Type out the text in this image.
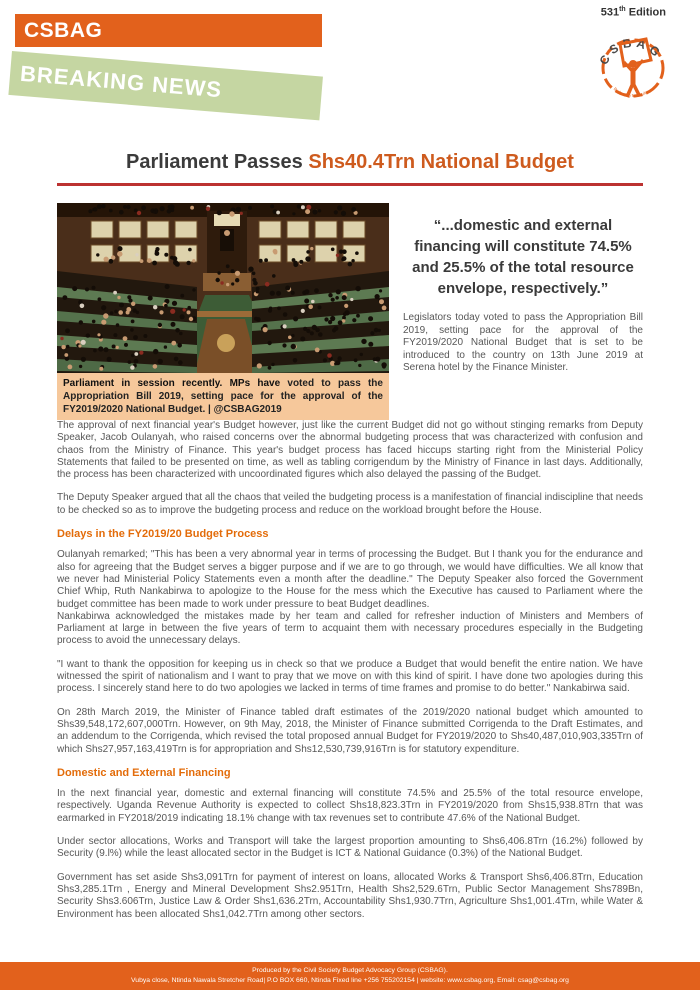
CSBAG
BREAKING NEWS
531th Edition
CSBAG
Budgeting for equity
Parliament Passes Shs40.4Trn National Budget
Parliament in session recently. MPs have voted to pass the Appropriation Bill 2019, setting pace for the approval of the FY2019/2020 National Budget. | @CSBAG2019
“...domestic and external financing will constitute 74.5% and 25.5% of the total resource envelope, respectively.”

Legislators today voted to pass the Appropriation Bill 2019, setting pace for the approval of the FY2019/2020 National Budget that is set to be introduced to the country on 13th June 2019 at Serena hotel by the Finance Minister.

The approval of next financial year's Budget however, just like the current Budget did not go without stinging remarks from Deputy Speaker, Jacob Oulanyah, who raised concerns over the abnormal budgeting process that was characterized with confusion and chaos from the Ministry of Finance. This year's budget process has faced hiccups starting right from the Ministerial Policy Statements that failed to be presented on time, as well as tabling corrigendum by the Ministry of Finance in last days. Additionally, the process has been characterized with uncoordinated figures which also delayed the passing of the Budget.

The Deputy Speaker argued that all the chaos that veiled the budgeting process is a manifestation of financial indiscipline that needs to be checked so as to improve the budgeting process and reduce on the workload brought before the House.

Delays in the FY2019/20 Budget Process

Oulanyah remarked; "This has been a very abnormal year in terms of processing the Budget. But I thank you for the endurance and also for agreeing that the Budget serves a bigger purpose and if we are to go through, we would have difficulties. We all know that we never had Ministerial Policy Statements even a month after the deadline." The Deputy Speaker also forced the Government Chief Whip, Ruth Nankabirwa to apologize to the House for the mess which the Executive has caused to Parliament where the budget committee has been made to work under pressure to beat Budget deadlines.

Nankabirwa acknowledged the mistakes made by her team and called for refresher induction of Ministers and Members of Parliament at large in between the five years of term to acquaint them with necessary procedures especially in the Budgeting process to avoid the unnecessary delays.

"I want to thank the opposition for keeping us in check so that we produce a Budget that would benefit the entire nation. We have witnessed the spirit of nationalism and I want to pray that we move on with this kind of spirit. I have done two apologies during this process. I sincerely stand here to do two apologies we lacked in terms of time frames and promise to do better." Nankabirwa said.

On 28th March 2019, the Minister of Finance tabled draft estimates of the 2019/2020 national budget which amounted to Shs39,548,172,607,000Trn. However, on 9th May, 2018, the Minister of Finance submitted Corrigenda to the Draft Estimates, and an addendum to the Corrigenda, which revised the total proposed annual Budget for FY2019/2020 to Shs40,487,010,903,335Trn of which Shs27,957,163,419Trn is for appropriation and Shs12,530,739,916Trn is for statutory expenditure.

Domestic and External Financing

In the next financial year, domestic and external financing will constitute 74.5% and 25.5% of the total resource envelope, respectively. Uganda Revenue Authority is expected to collect Shs18,823.3Trn in FY2019/2020 from Shs15,938.8Trn that was earmarked in FY2018/2019 indicating 18.1% change with tax revenues set to contribute 47.6% of the National Budget.

Under sector allocations, Works and Transport will take the largest proportion amounting to Shs6,406.8Trn (16.2%) followed by Security (9.l%) while the least allocated sector in the Budget is ICT & National Guidance (0.3%) of the National Budget.

Government has set aside Shs3,091Trn for payment of interest on loans, allocated Works & Transport Shs6,406.8Trn, Education Shs3,285.1Trn , Energy and Mineral Development Shs2.951Trn, Health Shs2,529.6Trn, Public Sector Management Shs789Bn, Security Shs3.606Trn, Justice Law & Order Shs1,636.2Trn, Accountability Shs1,930.7Trn, Agriculture Shs1,001.4Trn, while Water & Environment has been allocated Shs1,042.7Trn among other sectors.

Produced by the Civil Society Budget Advocacy Group (CSBAG).
Vubya close, Ntinda Nawala Stretcher Road| P.O BOX 660, Ntinda Fixed line +256 755202154 | website: www.csbag.org, Email: csag@csbag.org
